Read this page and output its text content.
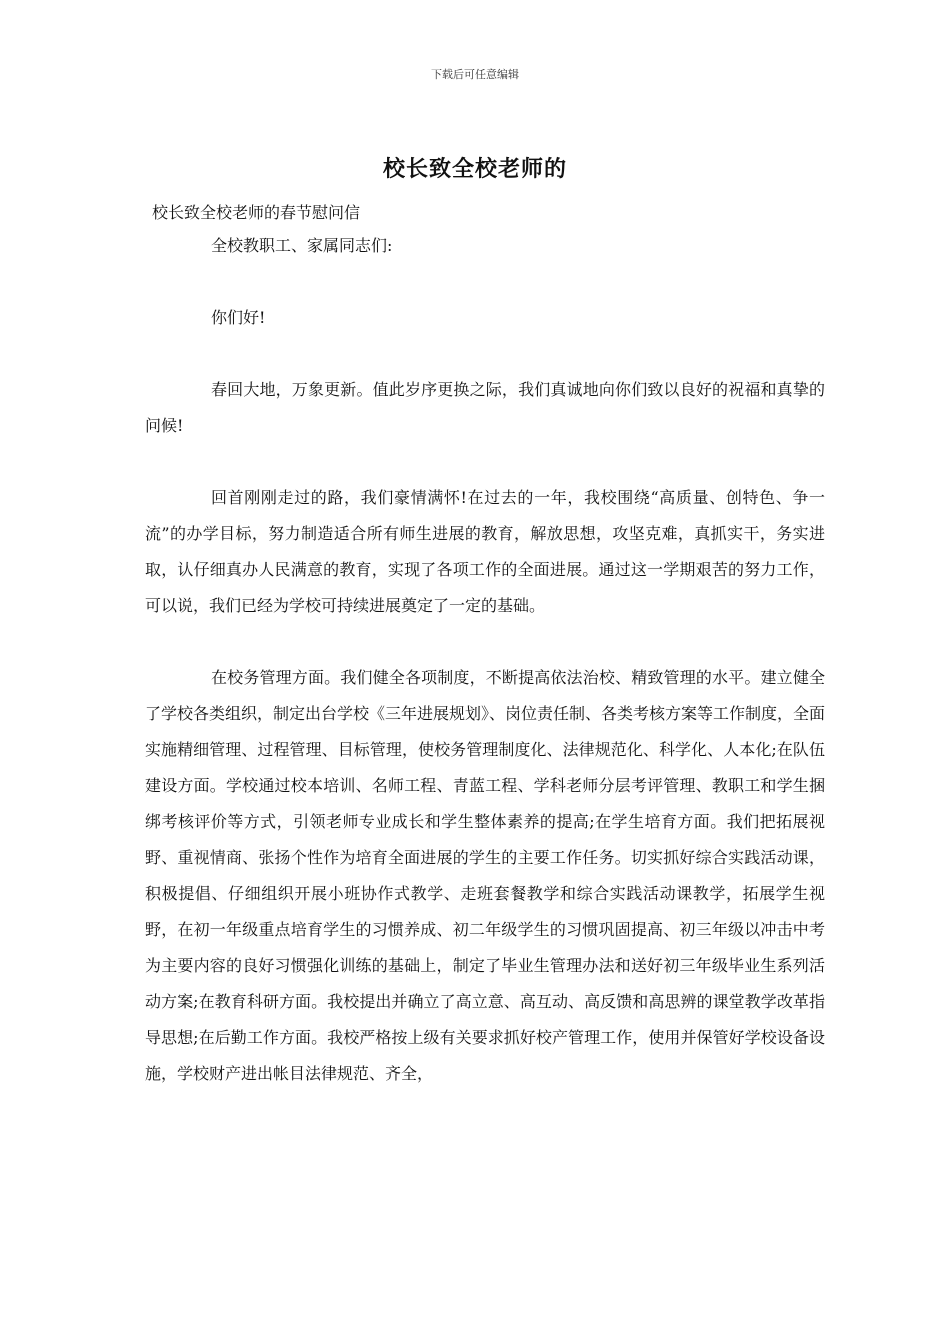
下载后可任意编辑
校长致全校老师的
校长致全校老师的春节慰问信

全校教职工、家属同志们:

你们好!

春回大地，万象更新。值此岁序更换之际，我们真诚地向你们致以良好的祝福和真挚的问候!

回首刚刚走过的路，我们豪情满怀!在过去的一年，我校围绕“高质量、创特色、争一流”的办学目标，努力制造适合所有师生进展的教育，解放思想，攻坚克难，真抓实干，务实进取，认仔细真办人民满意的教育，实现了各项工作的全面进展。通过这一学期艰苦的努力工作，可以说，我们已经为学校可持续进展奠定了一定的基础。

在校务管理方面。我们健全各项制度，不断提高依法治校、精致管理的水平。建立健全了学校各类组织，制定出台学校《三年进展规划》、岗位责任制、各类考核方案等工作制度，全面实施精细管理、过程管理、目标管理，使校务管理制度化、法律规范化、科学化、人本化;在队伍建设方面。学校通过校本培训、名师工程、青蓝工程、学科老师分层考评管理、教职工和学生捆绑考核评价等方式，引领老师专业成长和学生整体素养的提高;在学生培育方面。我们把拓展视野、重视情商、张扬个性作为培育全面进展的学生的主要工作任务。切实抓好综合实践活动课，积极提倡、仔细组织开展小班协作式教学、走班套餐教学和综合实践活动课教学，拓展学生视野，在初一年级重点培育学生的习惯养成、初二年级学生的习惯巩固提高、初三年级以冲击中考为主要内容的良好习惯强化训练的基础上，制定了毕业生管理办法和送好初三年级毕业生系列活动方案;在教育科研方面。我校提出并确立了高立意、高互动、高反馈和高思辨的课堂教学改革指导思想;在后勤工作方面。我校严格按上级有关要求抓好校产管理工作，使用并保管好学校设备设施，学校财产进出帐目法律规范、齐全，
